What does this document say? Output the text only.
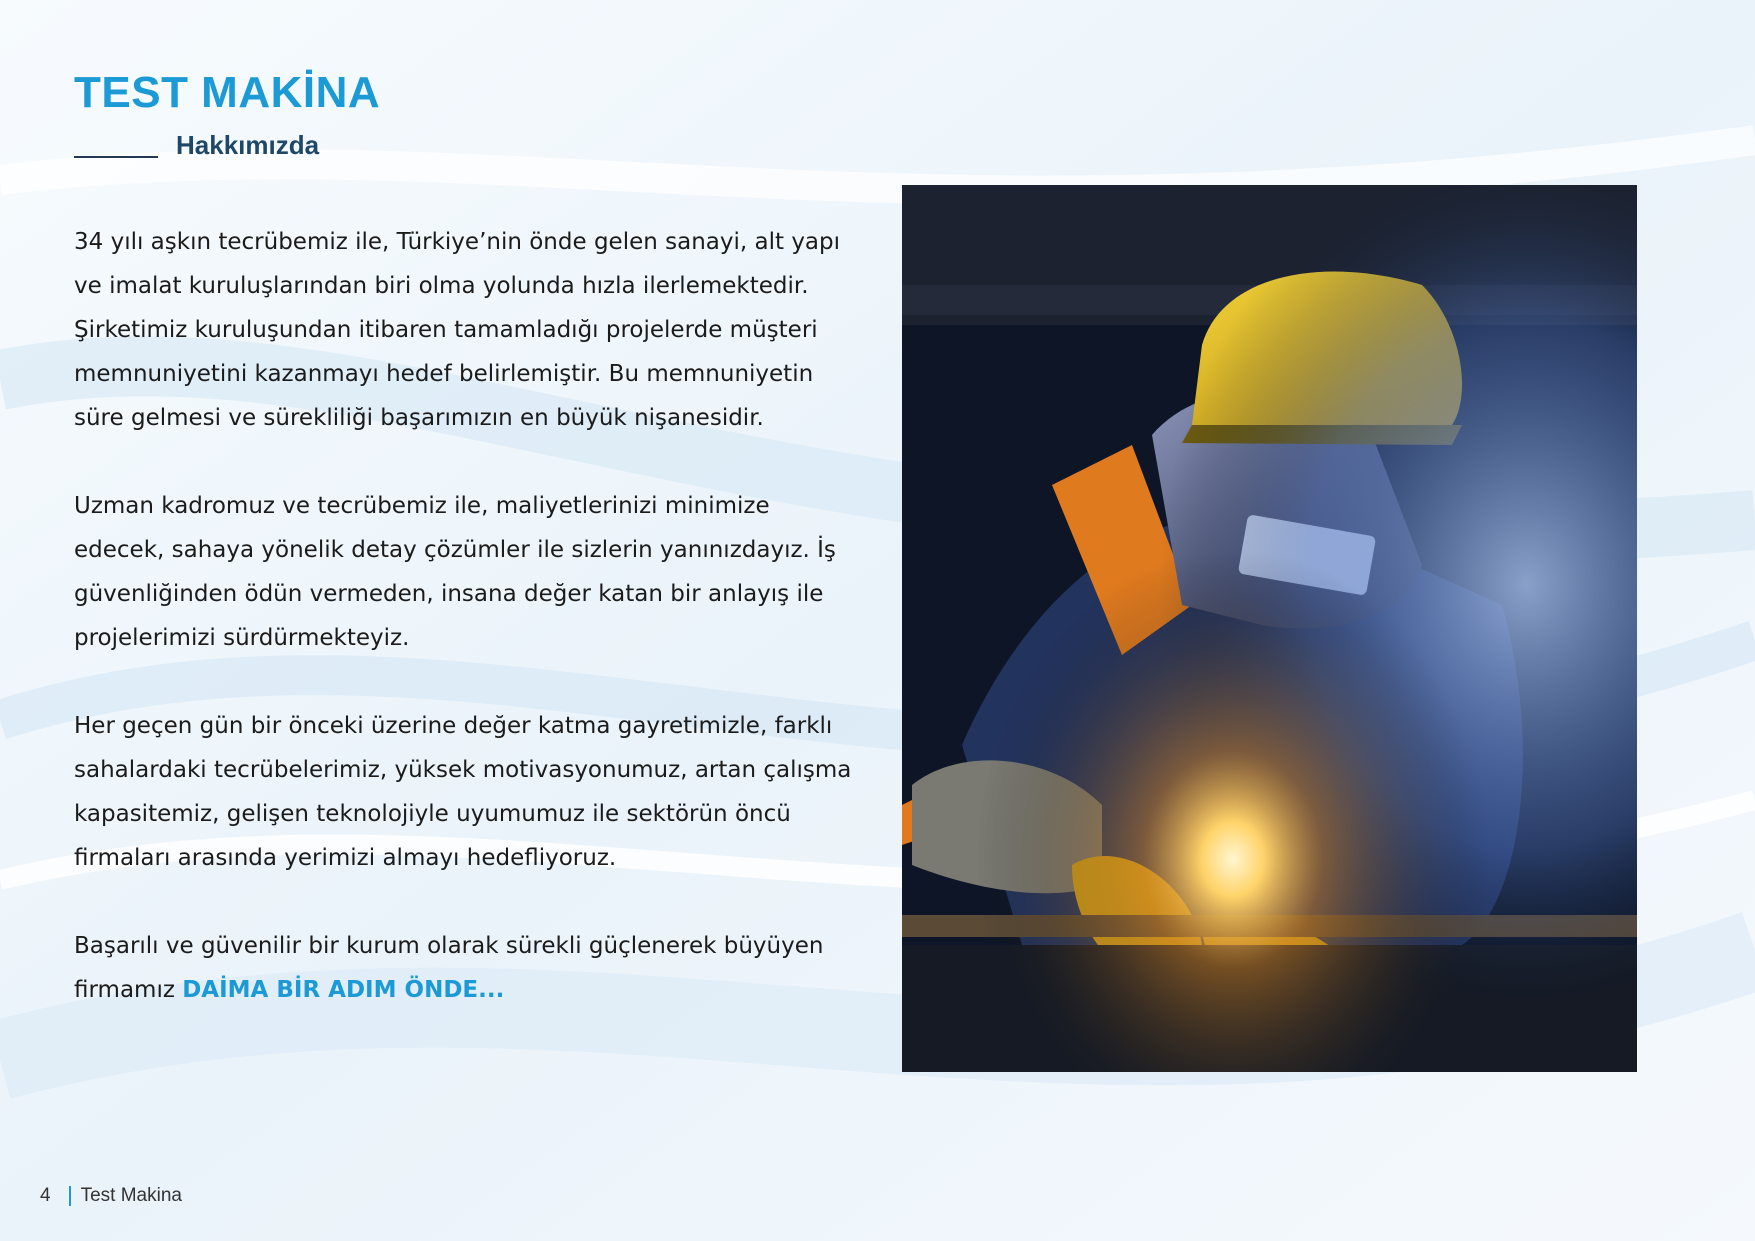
TEST MAKİNA
Hakkımızda

34 yılı aşkın tecrübemiz ile, Türkiye’nin önde gelen sanayi, alt yapı ve imalat kuruluşlarından biri olma yolunda hızla ilerlemektedir. Şirketimiz kuruluşundan itibaren tamamladığı projelerde müşteri memnuniyetini kazanmayı hedef belirlemiştir. Bu memnuniyetin süre gelmesi ve sürekliliği başarımızın en büyük nişanesidir.

Uzman kadromuz ve tecrübemiz ile, maliyetlerinizi minimize edecek, sahaya yönelik detay çözümler ile sizlerin yanınızdayız. İş güvenliğinden ödün vermeden, insana değer katan bir anlayış ile projelerimizi sürdürmekteyiz.

Her geçen gün bir önceki üzerine değer katma gayretimizle, farklı sahalardaki tecrübelerimiz, yüksek motivasyonumuz, artan çalışma kapasitemiz, gelişen teknolojiyle uyumumuz ile sektörün öncü firmaları arasında yerimizi almayı hedefliyoruz.

Başarılı ve güvenilir bir kurum olarak sürekli güçlenerek büyüyen firmamız DAİMA BİR ADIM ÖNDE...

4 Test Makina
